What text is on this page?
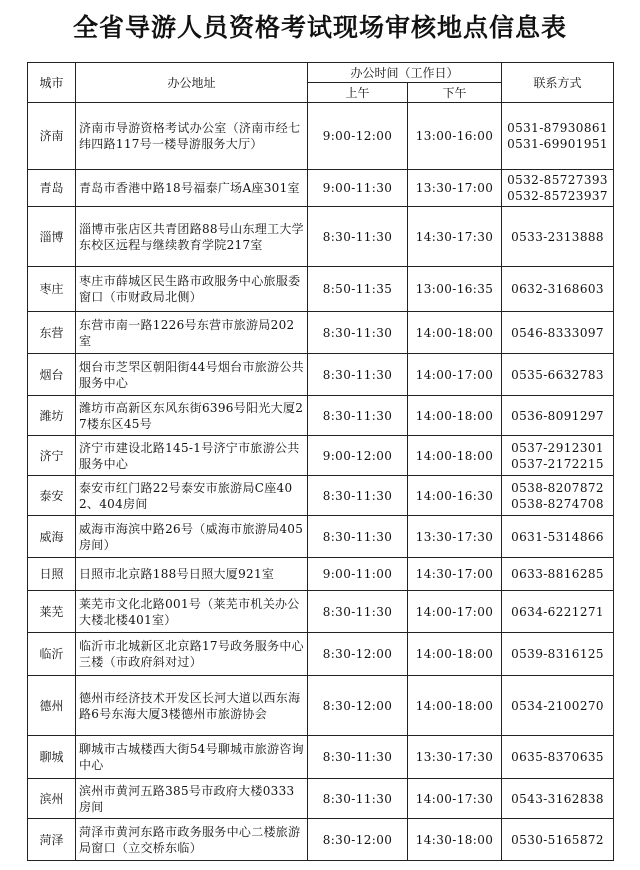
全省导游人员资格考试现场审核地点信息表
城市	办公地址	办公时间（工作日）		联系方式
		上午	下午	
济南	济南市导游资格考试办公室（济南市经七纬四路117号一楼导游服务大厅）	9:00-12:00	13:00-16:00	0531-87930861
0531-69901951

青岛	青岛市香港中路18号福泰广场A座301室	9:00-11:30	13:30-17:00	0532-85727393
0532-85723937

淄博	淄博市张店区共青团路88号山东理工大学东校区远程与继续教育学院217室	8:30-11:30	14:30-17:30	0533-2313888

枣庄	枣庄市薛城区民生路市政服务中心旅服委窗口（市财政局北侧）	8:50-11:35	13:00-16:35	0632-3168603

东营	东营市南一路1226号东营市旅游局202室	8:30-11:30	14:00-18:00	0546-8333097

烟台	烟台市芝罘区朝阳街44号烟台市旅游公共服务中心	8:30-11:30	14:00-17:00	0535-6632783

潍坊	潍坊市高新区东风东街6396号阳光大厦27楼东区45号	8:30-11:30	14:00-18:00	0536-8091297

济宁	济宁市建设北路145-1号济宁市旅游公共服务中心	9:00-12:00	14:00-18:00	0537-2912301
0537-2172215

泰安	泰安市红门路22号泰安市旅游局C座402、404房间	8:30-11:30	14:00-16:30	0538-8207872
0538-8274708

威海	威海市海滨中路26号（威海市旅游局405房间）	8:30-11:30	13:30-17:30	0631-5314866

日照	日照市北京路188号日照大厦921室	9:00-11:00	14:30-17:00	0633-8816285

莱芜	莱芜市文化北路001号（莱芜市机关办公大楼北楼401室）	8:30-11:30	14:00-17:00	0634-6221271

临沂	临沂市北城新区北京路17号政务服务中心三楼（市政府斜对过）	8:30-12:00	14:00-18:00	0539-8316125

德州	德州市经济技术开发区长河大道以西东海路6号东海大厦3楼德州市旅游协会	8:30-12:00	14:00-18:00	0534-2100270

聊城	聊城市古城楼西大街54号聊城市旅游咨询中心	8:30-11:30	13:30-17:30	0635-8370635

滨州	滨州市黄河五路385号市政府大楼0333房间	8:30-11:30	14:00-17:30	0543-3162838

菏泽	菏泽市黄河东路市政务服务中心二楼旅游局窗口（立交桥东临）	8:30-12:00	14:30-18:00	0530-5165872
